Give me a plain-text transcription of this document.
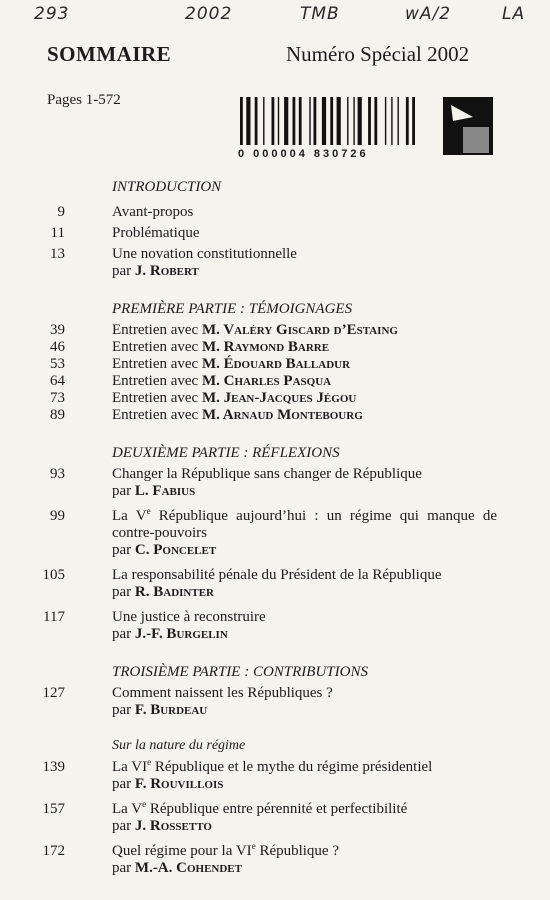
293	2002	TMB	wA/2	LA
SOMMAIRE	Numéro Spécial 2002
Pages 1-572
0 000004 830726
INTRODUCTION
9	Avant-propos
11	Problématique
13	Une novation constitutionnelle
par J. Robert
PREMIÈRE PARTIE : TÉMOIGNAGES
39	Entretien avec M. Valéry Giscard d’Estaing
46	Entretien avec M. Raymond Barre
53	Entretien avec M. Édouard Balladur
64	Entretien avec M. Charles Pasqua
73	Entretien avec M. Jean-Jacques Jégou
89	Entretien avec M. Arnaud Montebourg
DEUXIÈME PARTIE : RÉFLEXIONS
93	Changer la République sans changer de République
par L. Fabius
99	La Ve République aujourd’hui : un régime qui manque de contre-pouvoirs
par C. Poncelet
105	La responsabilité pénale du Président de la République
par R. Badinter
117	Une justice à reconstruire
par J.-F. Burgelin
TROISIÈME PARTIE : CONTRIBUTIONS
127	Comment naissent les Républiques ?
par F. Burdeau
Sur la nature du régime
139	La VIe République et le mythe du régime présidentiel
par F. Rouvillois
157	La Ve République entre pérennité et perfectibilité
par J. Rossetto
172	Quel régime pour la VIe République ?
par M.-A. Cohendet
